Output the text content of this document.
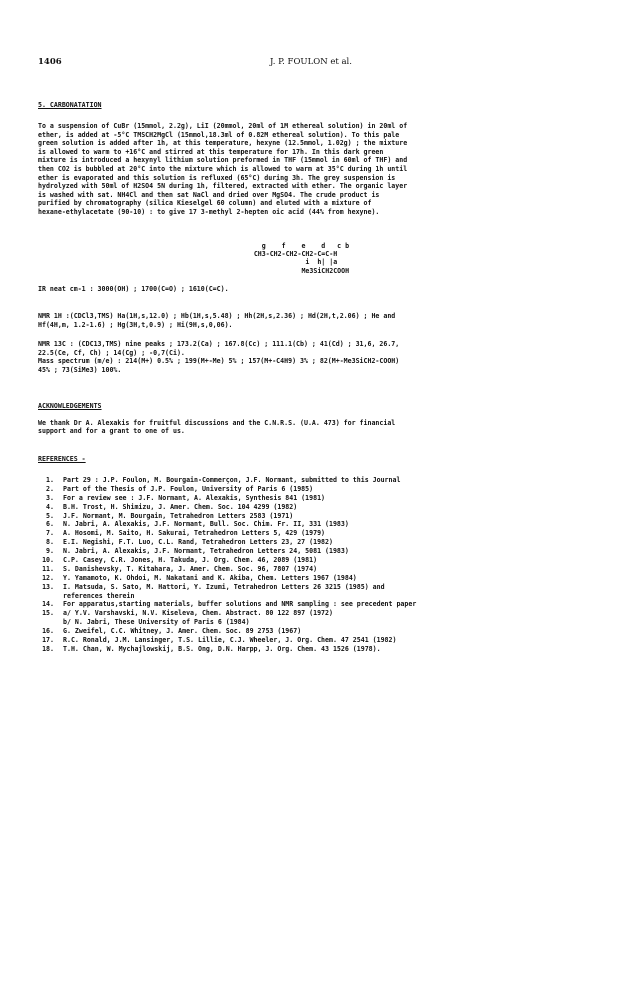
1406	J. P. FOULON et al.
5. CARBONATATION
To a suspension of CuBr (15mmol, 2.2g), LiI (20mmol, 20ml of 1M ethereal solution) in 20ml of
ether, is added at -5°C TMSCH2MgCl (15mmol,18.3ml of 0.82M ethereal solution). To this pale
green solution is added after 1h, at this temperature, hexyne (12.5mmol, 1.02g) ; the mixture
is allowed to warm to +16°C and stirred at this temperature for 17h. In this dark green
mixture is introduced a hexynyl lithium solution preformed in THF (15mmol in 60ml of THF) and
then CO2 is bubbled at 20°C into the mixture which is allowed to warm at 35°C during 1h until
ether is evaporated and this solution is refluxed (65°C) during 3h. The grey suspension is
hydrolyzed with 50ml of H2SO4 5N during 1h, filtered, extracted with ether. The organic layer
is washed with sat. NH4Cl and then sat NaCl and dried over MgSO4. The crude product is
purified by chromatography (silica Kieselgel 60 column) and eluted with a mixture of
hexane-ethylacetate (90-10) : to give 17 3-methyl 2-hepten oic acid (44% from hexyne).
g    f    e    d   c b
CH3-CH2-CH2-CH2-C=C-H
i  h| |a
Me3SiCH2COOH
IR neat cm-1 : 3000(OH) ; 1700(C=O) ; 1610(C=C).
NMR 1H :(CDCl3,TMS) Ha(1H,s,12.0) ; Hb(1H,s,5.48) ; Hh(2H,s,2.36) ; Hd(2H,t,2.06) ; He and
Hf(4H,m, 1.2-1.6) ; Hg(3H,t,0.9) ; Hi(9H,s,0,06).
NMR 13C : (CDC13,TMS) nine peaks ; 173.2(Ca) ; 167.8(Cc) ; 111.1(Cb) ; 41(Cd) ; 31,6, 26.7,
22.5(Ce, Cf, Ch) ; 14(Cg) ; -0,7(Ci).
Mass spectrum (m/e) : 214(M+) 0.5% ; 199(M+-Me) 5% ; 157(M+-C4H9) 3% ; 82(M+-Me3SiCH2-COOH)
45% ; 73(SiMe3) 100%.
ACKNOWLEDGEMENTS
We thank Dr A. Alexakis for fruitful discussions and the C.N.R.S. (U.A. 473) for financial
support and for a grant to one of us.
REFERENCES -
1. Part 29 : J.P. Foulon, M. Bourgain-Commerçon, J.F. Normant, submitted to this Journal
2. Part of the Thesis of J.P. Foulon, University of Paris 6 (1985)
3. For a review see : J.F. Normant, A. Alexakis, Synthesis 841 (1981)
4. B.H. Trost, H. Shimizu, J. Amer. Chem. Soc. 104 4299 (1982)
5. J.F. Normant, M. Bourgain, Tetrahedron Letters 2583 (1971)
6. N. Jabri, A. Alexakis, J.F. Normant, Bull. Soc. Chim. Fr. II, 331 (1983)
7. A. Hosomi, M. Saito, H. Sakurai, Tetrahedron Letters 5, 429 (1979)
8. E.I. Negishi, F.T. Luo, C.L. Rand, Tetrahedron Letters 23, 27 (1982)
9. N. Jabri, A. Alexakis, J.F. Normant, Tetrahedron Letters 24, 5081 (1983)
10. C.P. Casey, C.R. Jones, H. Takuda, J. Org. Chem. 46, 2089 (1981)
11. S. Danishevsky, T. Kitahara, J. Amer. Chem. Soc. 96, 7807 (1974)
12. Y. Yamamoto, K. Ohdoi, M. Nakatani and K. Akiba, Chem. Letters 1967 (1984)
13. I. Matsuda, S. Sato, M. Hattori, Y. Izumi, Tetrahedron Letters 26 3215 (1985) and
references therein
14. For apparatus,starting materials, buffer solutions and NMR sampling : see precedent paper
15. a/ Y.V. Varshavski, N.V. Kiseleva, Chem. Abstract. 80 122 897 (1972)
b/ N. Jabri, These University of Paris 6 (1984)
16. G. Zweifel, C.C. Whitney, J. Amer. Chem. Soc. 89 2753 (1967)
17. R.C. Ronald, J.M. Lansinger, T.S. Lillie, C.J. Wheeler, J. Org. Chem. 47 2541 (1982)
18. T.H. Chan, W. Mychajlowskij, B.S. Ong, D.N. Harpp, J. Org. Chem. 43 1526 (1978).
